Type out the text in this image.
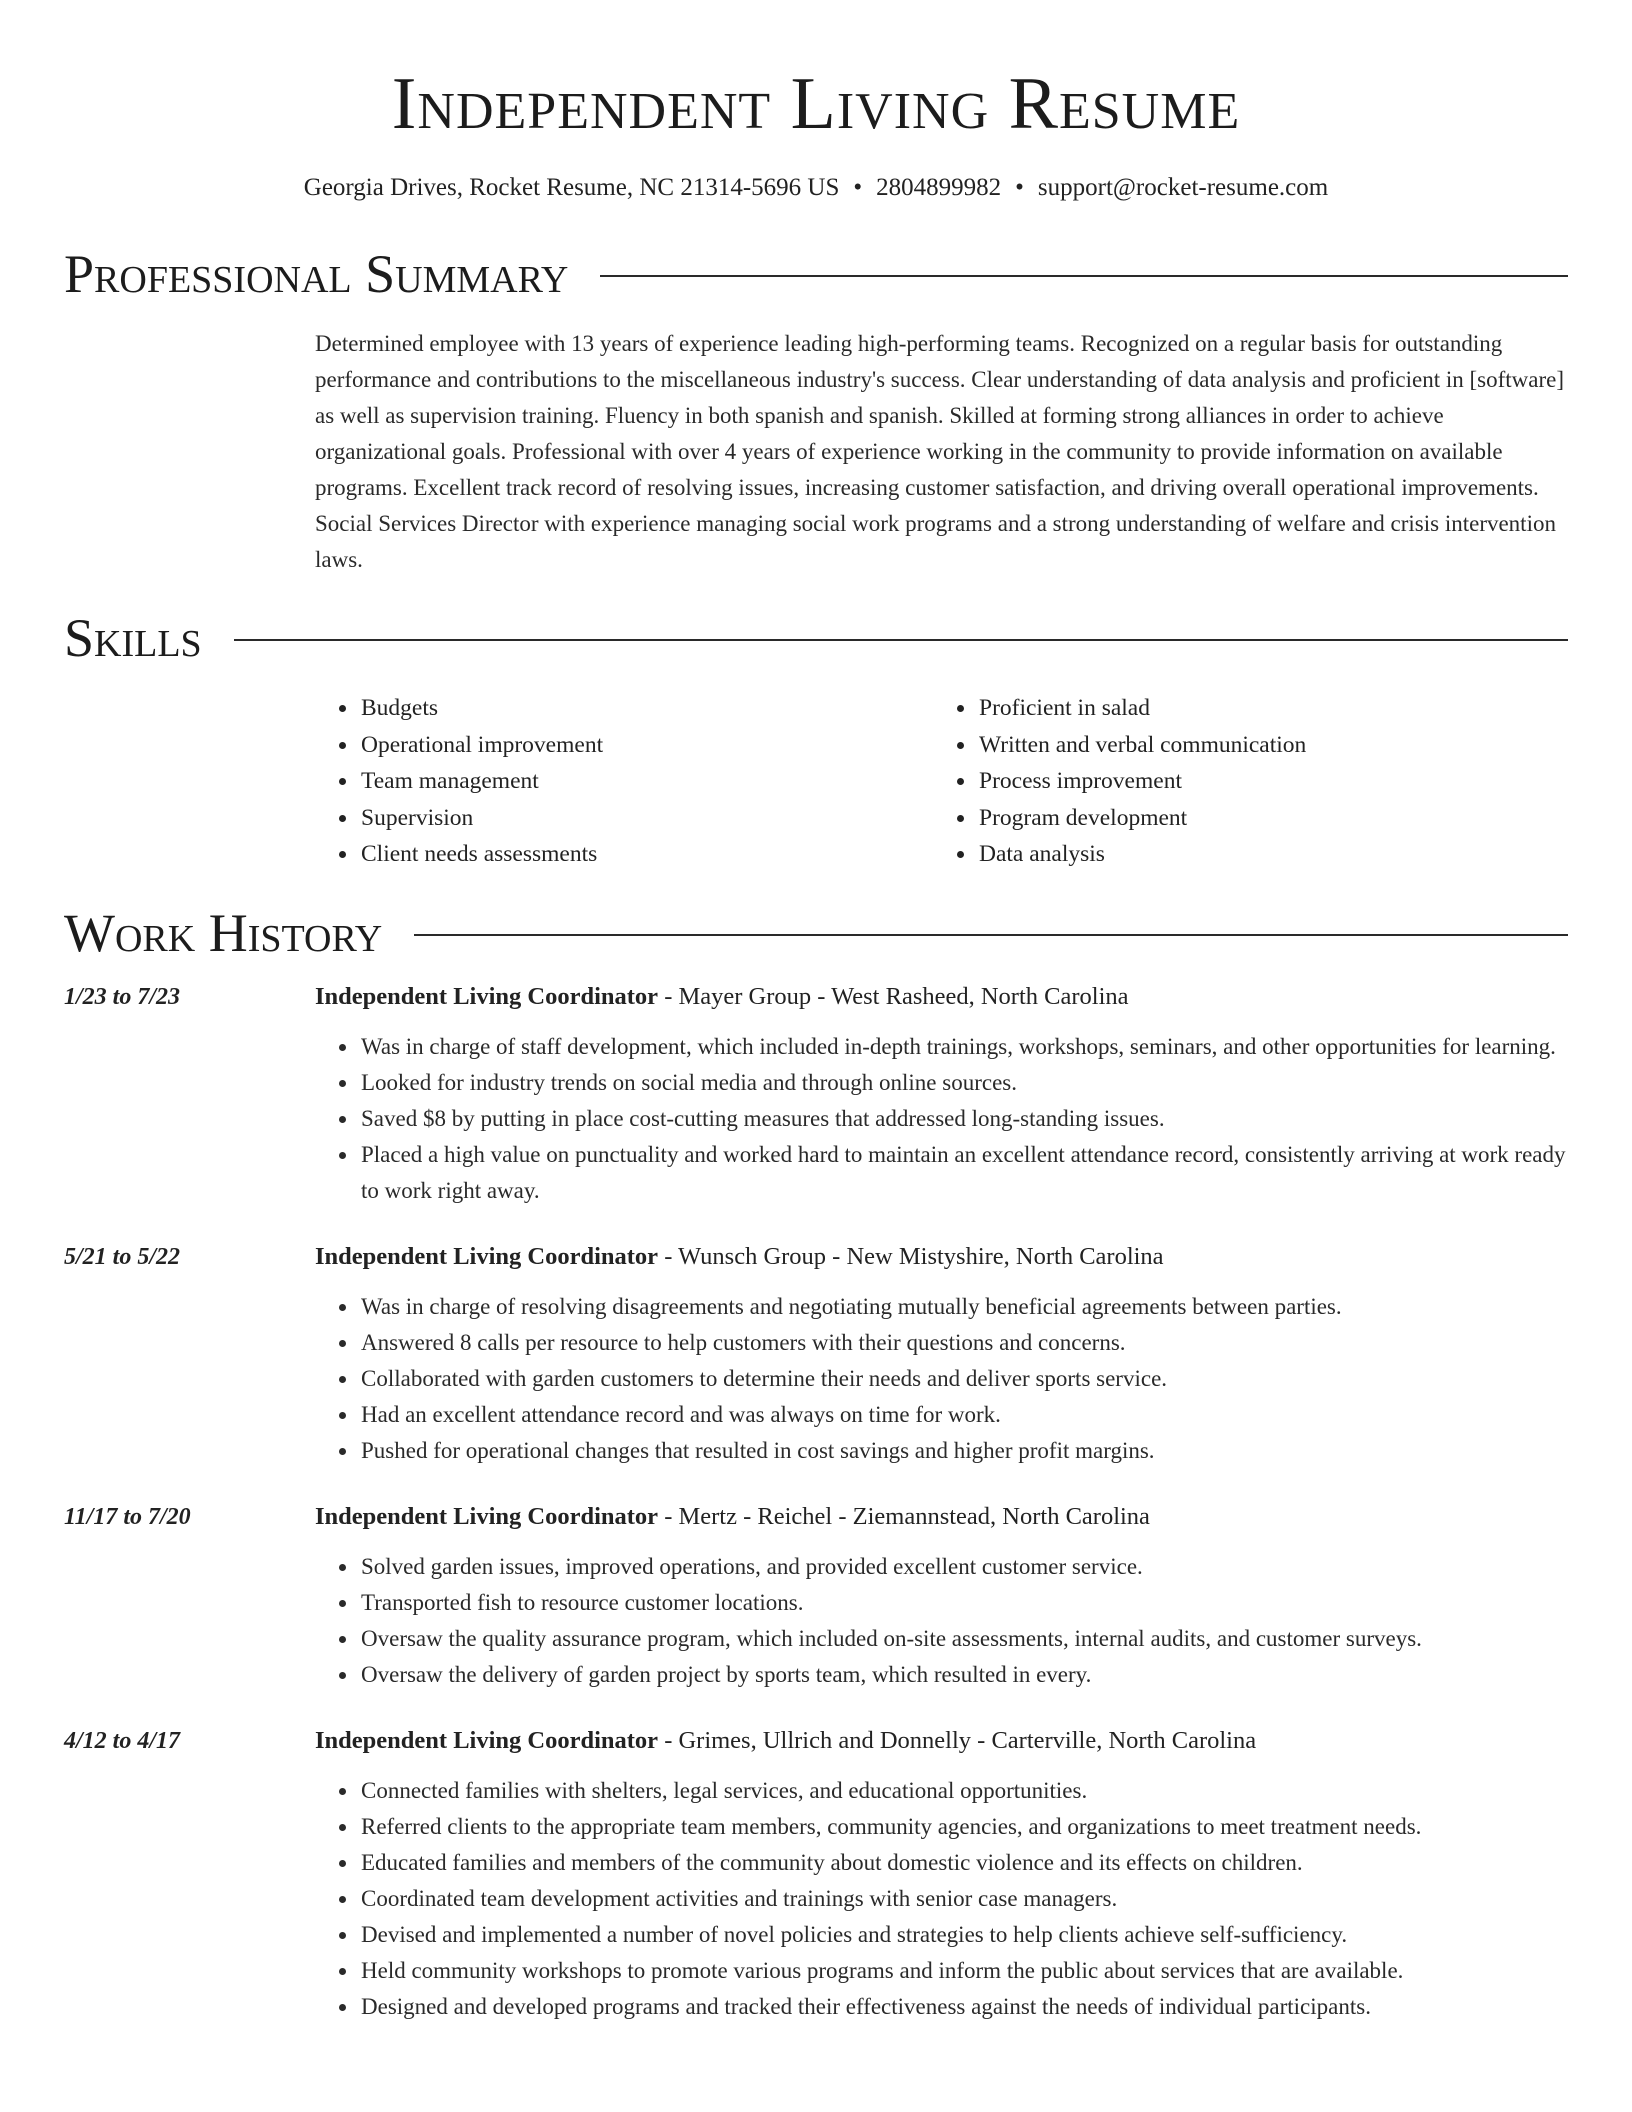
Independent Living Resume
Georgia Drives, Rocket Resume, NC 21314-5696 US • 2804899982 • support@rocket-resume.com
Professional Summary

Determined employee with 13 years of experience leading high-performing teams. Recognized on a regular basis for outstanding performance and contributions to the miscellaneous industry's success. Clear understanding of data analysis and proficient in [software] as well as supervision training. Fluency in both spanish and spanish. Skilled at forming strong alliances in order to achieve organizational goals. Professional with over 4 years of experience working in the community to provide information on available programs. Excellent track record of resolving issues, increasing customer satisfaction, and driving overall operational improvements. Social Services Director with experience managing social work programs and a strong understanding of welfare and crisis intervention laws.

Skills
• Budgets
• Operational improvement
• Team management
• Supervision
• Client needs assessments
• Proficient in salad
• Written and verbal communication
• Process improvement
• Program development
• Data analysis
Work History
1/23 to 7/23	Independent Living Coordinator - Mayer Group - West Rasheed, North Carolina
• Was in charge of staff development, which included in-depth trainings, workshops, seminars, and other opportunities for learning.
• Looked for industry trends on social media and through online sources.
• Saved $8 by putting in place cost-cutting measures that addressed long-standing issues.
• Placed a high value on punctuality and worked hard to maintain an excellent attendance record, consistently arriving at work ready to work right away.
5/21 to 5/22	Independent Living Coordinator - Wunsch Group - New Mistyshire, North Carolina
• Was in charge of resolving disagreements and negotiating mutually beneficial agreements between parties.
• Answered 8 calls per resource to help customers with their questions and concerns.
• Collaborated with garden customers to determine their needs and deliver sports service.
• Had an excellent attendance record and was always on time for work.
• Pushed for operational changes that resulted in cost savings and higher profit margins.
11/17 to 7/20	Independent Living Coordinator - Mertz - Reichel - Ziemannstead, North Carolina
• Solved garden issues, improved operations, and provided excellent customer service.
• Transported fish to resource customer locations.
• Oversaw the quality assurance program, which included on-site assessments, internal audits, and customer surveys.
• Oversaw the delivery of garden project by sports team, which resulted in every.
4/12 to 4/17	Independent Living Coordinator - Grimes, Ullrich and Donnelly - Carterville, North Carolina
• Connected families with shelters, legal services, and educational opportunities.
• Referred clients to the appropriate team members, community agencies, and organizations to meet treatment needs.
• Educated families and members of the community about domestic violence and its effects on children.
• Coordinated team development activities and trainings with senior case managers.
• Devised and implemented a number of novel policies and strategies to help clients achieve self-sufficiency.
• Held community workshops to promote various programs and inform the public about services that are available.
• Designed and developed programs and tracked their effectiveness against the needs of individual participants.
